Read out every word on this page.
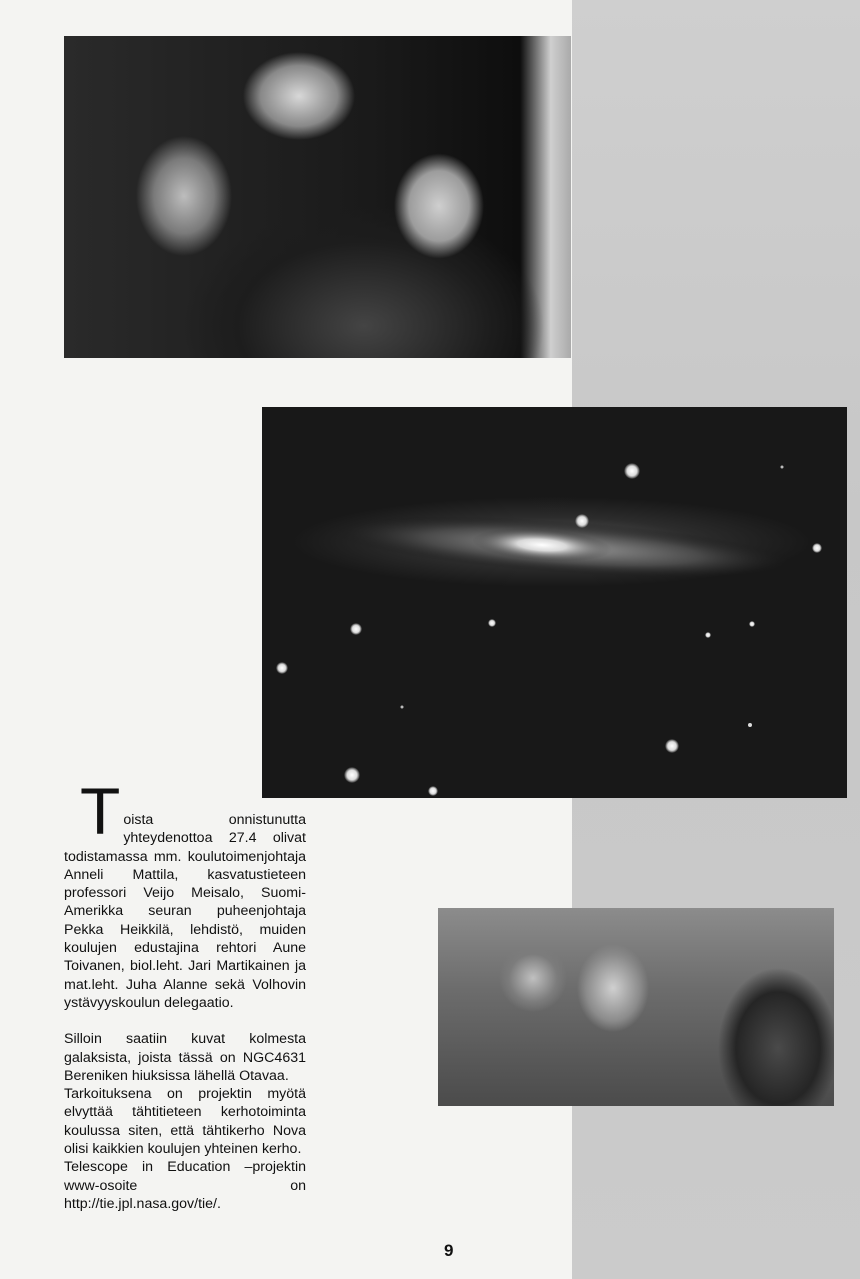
T oista onnistunutta yhteydenottoa 27.4 olivat todistamassa mm. koulutoimenjohtaja Anneli Mattila, kasvatustieteen professori Veijo Meisalo, Suomi-Amerikka seuran puheenjohtaja Pekka Heikkilä, lehdistö, muiden koulujen edustajina rehtori Aune Toivanen, biol.leht. Jari Martikainen ja mat.leht. Juha Alanne sekä Volhovin ystävyyskoulun delegaatio.

Silloin saatiin kuvat kolmesta galaksista, joista tässä on NGC4631 Bereniken hiuksissa lähellä Otavaa.

Tarkoituksena on projektin myötä elvyttää tähtitieteen kerhotoiminta koulussa siten, että tähtikerho Nova olisi kaikkien koulujen yhteinen kerho.

Telescope in Education –projektin www-osoite on http://tie.jpl.nasa.gov/tie/.

9
